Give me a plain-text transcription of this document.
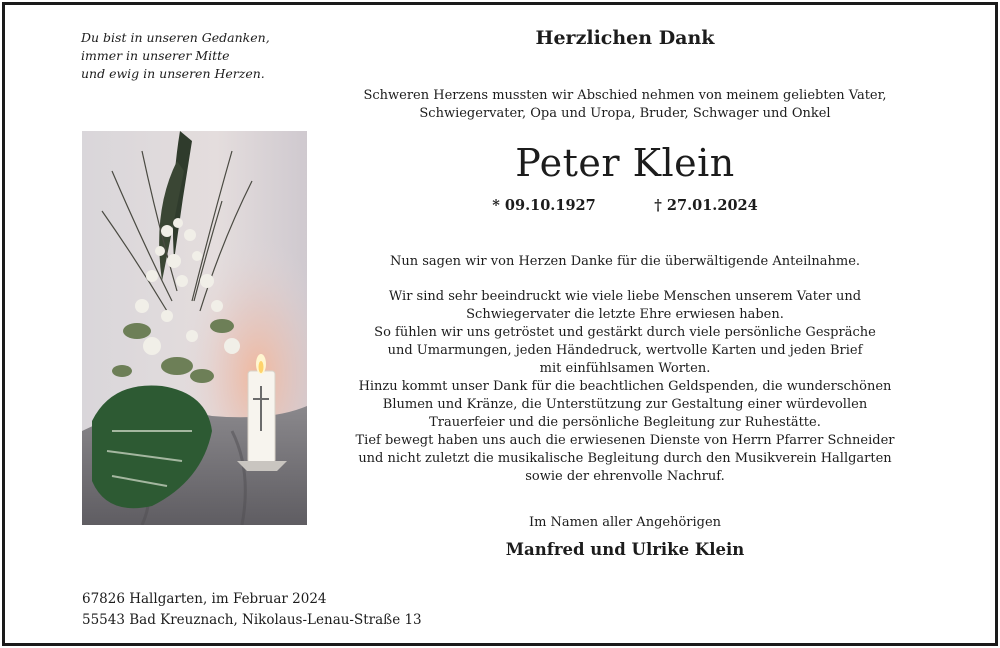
Du bist in unseren Gedanken,
immer in unserer Mitte
und ewig in unseren Herzen.
67826 Hallgarten, im Februar 2024
55543 Bad Kreuznach, Nikolaus-Lenau-Straße 13
Herzlichen Dank
Schweren Herzens mussten wir Abschied nehmen von meinem geliebten Vater,
Schwiegervater, Opa und Uropa, Bruder, Schwager und Onkel
Peter Klein
* 09.10.1927	† 27.01.2024
Nun sagen wir von Herzen Danke für die überwältigende Anteilnahme.
Wir sind sehr beeindruckt wie viele liebe Menschen unserem Vater und
Schwiegervater die letzte Ehre erwiesen haben.
So fühlen wir uns getröstet und gestärkt durch viele persönliche Gespräche
und Umarmungen, jeden Händedruck, wertvolle Karten und jeden Brief
mit einfühlsamen Worten.
Hinzu kommt unser Dank für die beachtlichen Geldspenden, die wunderschönen
Blumen und Kränze, die Unterstützung zur Gestaltung einer würdevollen
Trauerfeier und die persönliche Begleitung zur Ruhestätte.
Tief bewegt haben uns auch die erwiesenen Dienste von Herrn Pfarrer Schneider
und nicht zuletzt die musikalische Begleitung durch den Musikverein Hallgarten
sowie der ehrenvolle Nachruf.
Im Namen aller Angehörigen
Manfred und Ulrike Klein
